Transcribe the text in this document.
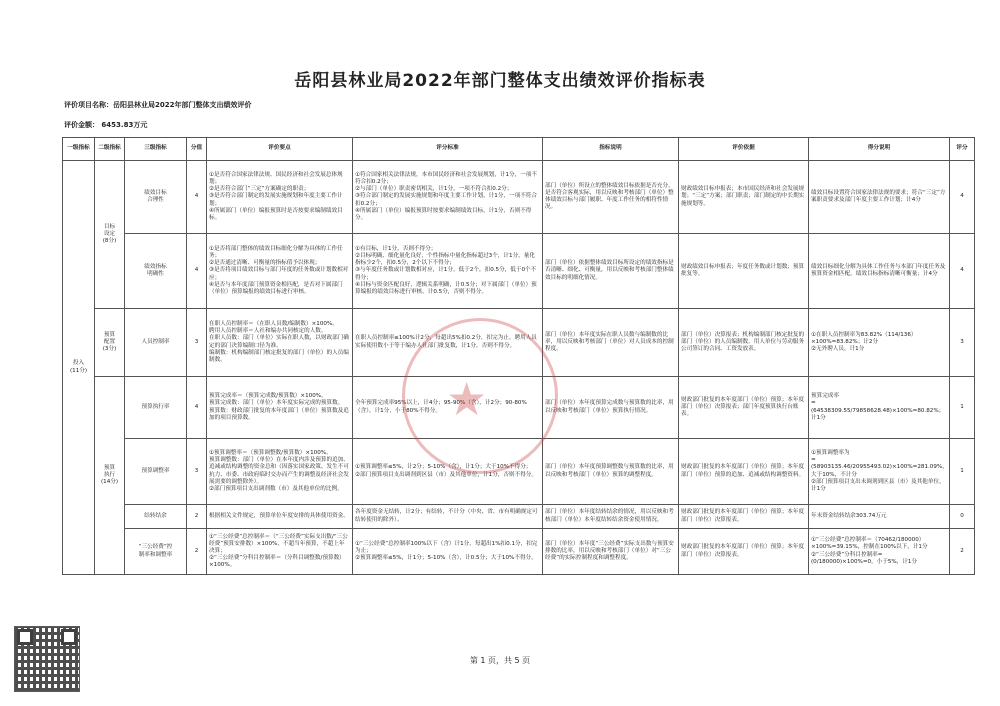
岳阳县林业局2022年部门整体支出绩效评价指标表
评价项目名称：岳阳县林业局2022年部门整体支出绩效评价
评价金额： 6453.83万元
一级指标	二级指标	三级指标	分值	评价要点	评分标准	指标说明	评价依据	得分说明	评分

投入
(11分)	目标
设定
(8分)	绩效目标
合理性	4	①是否符合国家法律法规、国民经济和社会发展总体规划；
②是否符合部门“三定”方案确定的职责；
③是否符合部门制定的发展实施规划和年度主要工作计划；
④所属部门（单位）编报预算时是否按要求编制绩效目标。	①符合国家相关法律法规，本市国民经济和社会发展规划，计1分，一项不符合扣0.2分；
②与部门（单位）职责密切相关，计1分，一项不符合扣0.2分；
③符合部门制定的发展实施规划和年度主要工作计划，计1分，一项不符合扣0.2分；
④所属部门（单位）编报预算时按要求编制绩效目标，计1分，否则不得分。	部门（单位）所设立的整体绩效目标依据是否充分，是否符合客观实际，用以反映和考核部门（单位）整体绩效目标与部门履职、年度工作任务的相符性情况。	财政绩效目标申报表；本市国民经济和社会发展规划；“三定”方案；部门职责；部门制定的中长期实施规划等。	绩效目标设置符合国家法律法规的要求；符合“三定”方案职责要求及部门年度主要工作计划；计4分	4

		绩效指标
明确性	4	①是否将部门整体的绩效目标细化分解为具体的工作任务；
②是否通过清晰、可衡量的指标值予以体现；
③是否将项目绩效目标与部门年度的任务数或计划数相对应；
④是否与本年度部门预算资金相匹配，是否对下属部门（单位）预算编报的绩效目标进行审核。	①有目标，计1分，否则不得分；
②目标明确、细化量化良好，个性指标中量化指标超过3个，计1分，量化指标少2个，扣0.5分，2个以下不得分；
③与年度任务数或计划数相对应，计1分，低于2个，扣0.5分，低于0个不得分；
④目标与资金匹配良好，逻辑关系明确，计0.5分；对下属部门（单位）预算编报的绩效目标进行审核，计0.5分，否则不得分。	部门（单位）依据整体绩效目标所设定的绩效指标是否清晰、细化、可衡量，用以反映和考核部门整体绩效目标的明细化情况。	财政绩效目标申报表；年度任务数或计划数；预算批复等。	绩效目标细化分解为具体工作任务与本部门年度任务及预算资金相匹配，绩效目标指标清晰可衡量；计4分	4

	预算
配置
(3分)	人员控制率	3	在职人员控制率＝（在职人员数/编制数）×100%。
聘用人员控制率＝人社和编办共同核定的人数。
在职人员数：部门（单位）实际在职人数，以财政部门确定的部门决算编制口径为准。
编制数：机构编制部门核定批复的部门（单位）的人员编制数。	在职人员控制率≤100%计2分，每超出5%扣0.2分，扣完为止。聘用人员实际使用数小于等于编办人社部门批复数，计1分，否则不得分。	部门（单位）本年度实际在职人员数与编制数的比率，用以反映和考核部门（单位）对人员成本的控制程度。	部门（单位）决算报表；机构编制部门核定批复的部门（单位）的人员编制数。用人单位与劳动服务公司签订的合同、工资发放表。	①在职人员控制率为83.82%（114/136）×100%=83.82%；计2分
②无外聘人员，计1分	3

	预算
执行
(14分)	预算执行率	4	预算完成率＝（预算完成数/预算数）×100%。
预算完成数：部门（单位）本年度实际完成的预算数。
预算数：财政部门批复的本年度部门（单位）预算数及追加的项目预算数。	全年预算完成率95%以上，计4分；95-90%（含），计2分；90-80%（含），计1分，小于80%不得分。	部门（单位）本年度预算完成数与预算数的比率，用以反映和考核部门（单位）预算执行情况。	财政部门批复的本年度部门（单位）预算；本年度部门（单位）决算报表；部门年度预算执行台账表。	预算完成率
=(64538309.55/79858628.48)×100%=80.82%；计1分	1

		预算调整率	3	①预算调整率＝（预算调整数/预算数）×100%。
预算调整数：部门（单位）在本年度内涉及预算的追加、追减或结构调整的资金总和（因落实国家政策、发生不可抗力、市委、市政府临时交办而产生的调整及经济社会发展需要的调整除外）。
②部门预算项目支出调剂数（市）及其他单位的比例。	①预算调整率≤5%，计2分；5-10%（含），计1分；大于10%不得分；
②部门预算项目支出调剂到区县（市）及其他单位，计1分，否则不得分。	部门（单位）本年度预算调整数与预算数的比率，用以反映和考核部门（单位）预算的调整程度。	财政部门批复的本年度部门（单位）预算；本年度部门（单位）预算的追加、追减或结构调整资料。	①预算调整率为
=(58903135.46/20955493.02)×100%=281.09%，大于10%，不计分
②部门预算项目支出未调剂到区县（市）及其他单位，计1分	1

		结转结余	2	根据相关文件规定，预算单位年度安排的具体使用资金。	各年度资金无结转，计2分；有结转，不计分（中央、省、市有明确规定可结转使用的除外）。	部门（单位）本年度结转结余的情况，用以反映和考核部门（单位）本年度结转结余资金使用情况。	财政部门批复的本年度部门（单位）预算；本年度部门（单位）决算报表。	年末资金结转结余303.74万元	0

		“三公经费”控
制率和调整率	2	①“三公经费”总控制率＝（“三公经费”实际支出数/“三公经费”预算安排数）×100%，不超当年预算，不超上年决算；
②“三公经费”分科目控制率＝（分科目调整数/预算数）×100%。	①“三公经费”总控制率100%以下（含）计1分，每超出1%扣0.1分，扣完为止；
②预算调整率≤5%，计1分；5-10%（含），计0.5分；大于10%不得分。	部门（单位）本年度“三公经费”实际支出数与预算安排数的比率，用以反映和考核部门（单位）对“三公经费”的实际控制程度和调整程度。	财政部门批复的本年度部门（单位）预算；本年度部门（单位）决算报表。	①“三公经费”总控制率＝（70462/180000）×100%=39.15%，控制在100%以下，计1分
②“三公经费”分科目控制率=(0/180000)×100%=0，小于5%，计1分	2
★
第 1 页，共 5 页
